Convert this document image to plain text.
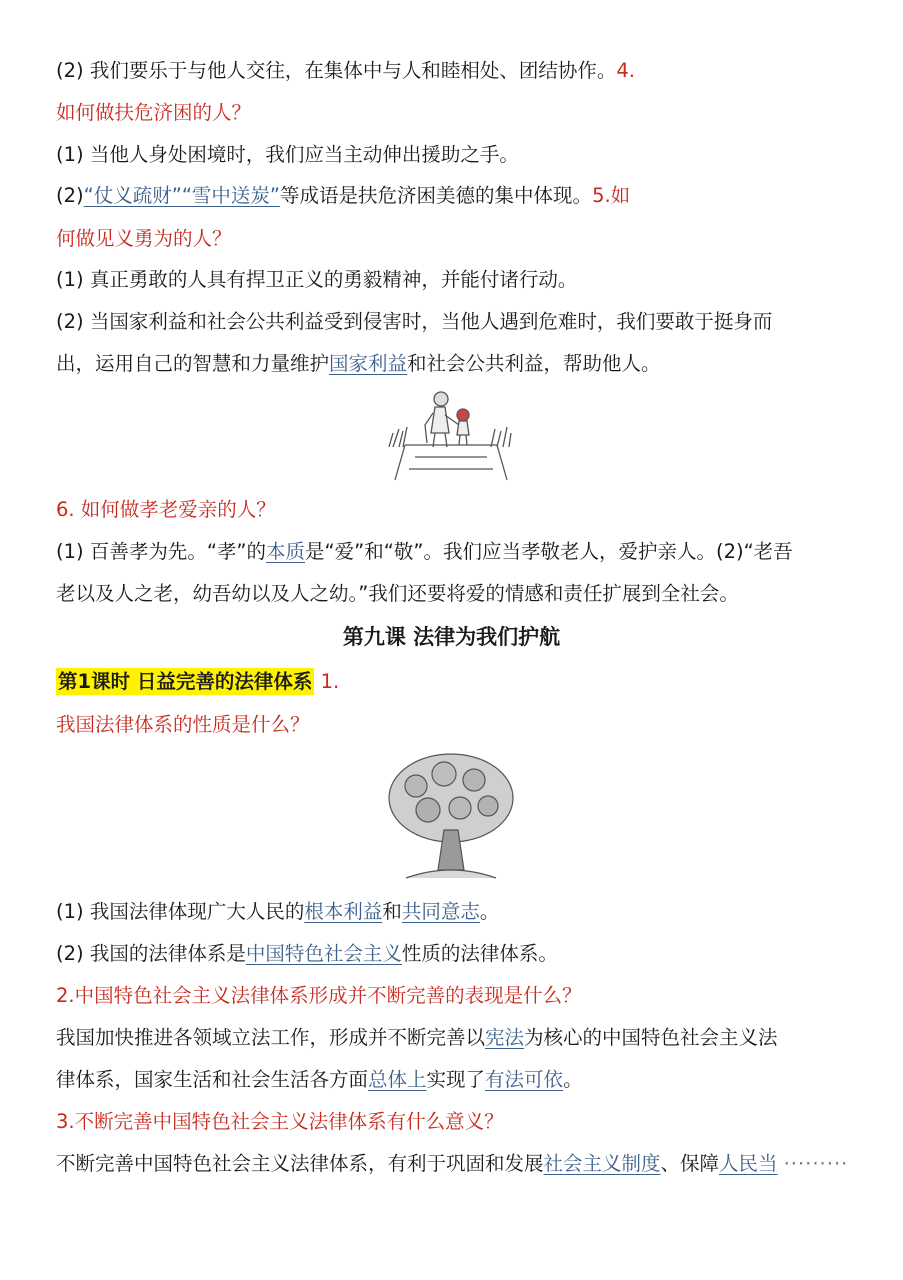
(2) 我们要乐于与他人交往，在集体中与人和睦相处、团结协作。4.
如何做扶危济困的人？
(1) 当他人身处困境时，我们应当主动伸出援助之手。
(2)“仗义疏财”“雪中送炭”等成语是扶危济困美德的集中体现。5.如
何做见义勇为的人？
(1) 真正勇敢的人具有捍卫正义的勇毅精神，并能付诸行动。
(2) 当国家利益和社会公共利益受到侵害时，当他人遇到危难时，我们要敢于挺身而
出，运用自己的智慧和力量维护国家利益和社会公共利益，帮助他人。
6. 如何做孝老爱亲的人？
(1) 百善孝为先。“孝”的本质是“爱”和“敬”。我们应当孝敬老人，爱护亲人。(2)“老吾
老以及人之老，幼吾幼以及人之幼。”我们还要将爱的情感和责任扩展到全社会。
第九课 法律为我们护航
第1课时 日益完善的法律体系 1.
我国法律体系的性质是什么？
(1) 我国法律体现广大人民的根本利益和共同意志。
(2) 我国的法律体系是中国特色社会主义性质的法律体系。
2.中国特色社会主义法律体系形成并不断完善的表现是什么？
我国加快推进各领域立法工作，形成并不断完善以宪法为核心的中国特色社会主义法
律体系，国家生活和社会生活各方面总体上实现了有法可依。
3.不断完善中国特色社会主义法律体系有什么意义？
不断完善中国特色社会主义法律体系，有利于巩固和发展社会主义制度、保障人民当 ·········
